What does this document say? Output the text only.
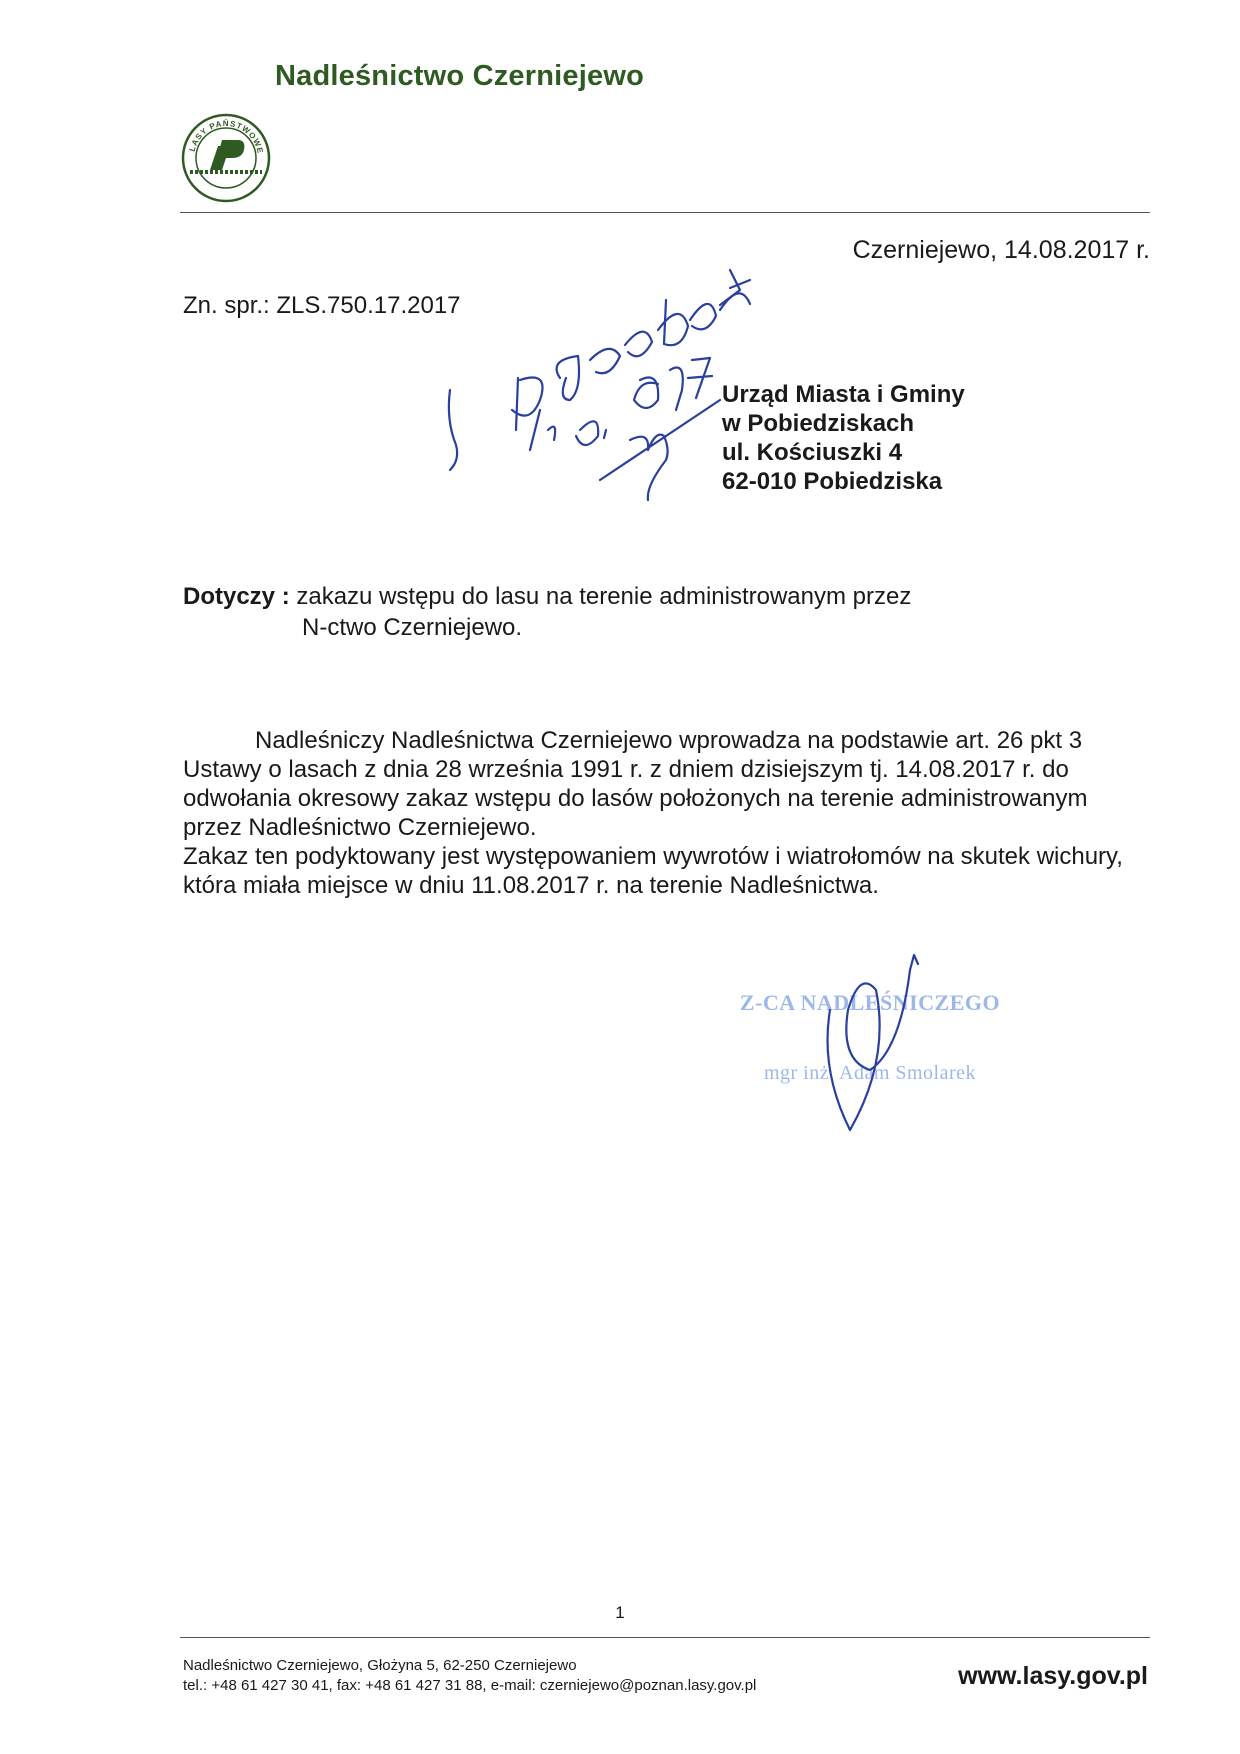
Nadleśnictwo Czerniejewo
LASY PAŃSTWOWE
Czerniejewo, 14.08.2017 r.
Zn. spr.: ZLS.750.17.2017
Urząd Miasta i Gminy
w Pobiedziskach
ul. Kościuszki 4
62-010 Pobiedziska
Dotyczy : zakazu wstępu do lasu na terenie administrowanym przez
N-ctwo Czerniejewo.

Nadleśniczy Nadleśnictwa Czerniejewo wprowadza na podstawie art. 26 pkt 3 Ustawy o lasach z dnia 28 września 1991 r. z dniem dzisiejszym tj. 14.08.2017 r. do odwołania okresowy zakaz wstępu do lasów położonych na terenie administrowanym przez Nadleśnictwo Czerniejewo.

Zakaz ten podyktowany jest występowaniem wywrotów i wiatrołomów na skutek wichury, która miała miejsce w dniu 11.08.2017 r. na terenie Nadleśnictwa.

Z-CA NADLEŚNICZEGO
mgr inż. Adam Smolarek
1
Nadleśnictwo Czerniejewo, Głożyna 5, 62-250 Czerniejewo
tel.: +48 61 427 30 41, fax: +48 61 427 31 88, e-mail: czerniejewo@poznan.lasy.gov.pl	www.lasy.gov.pl
